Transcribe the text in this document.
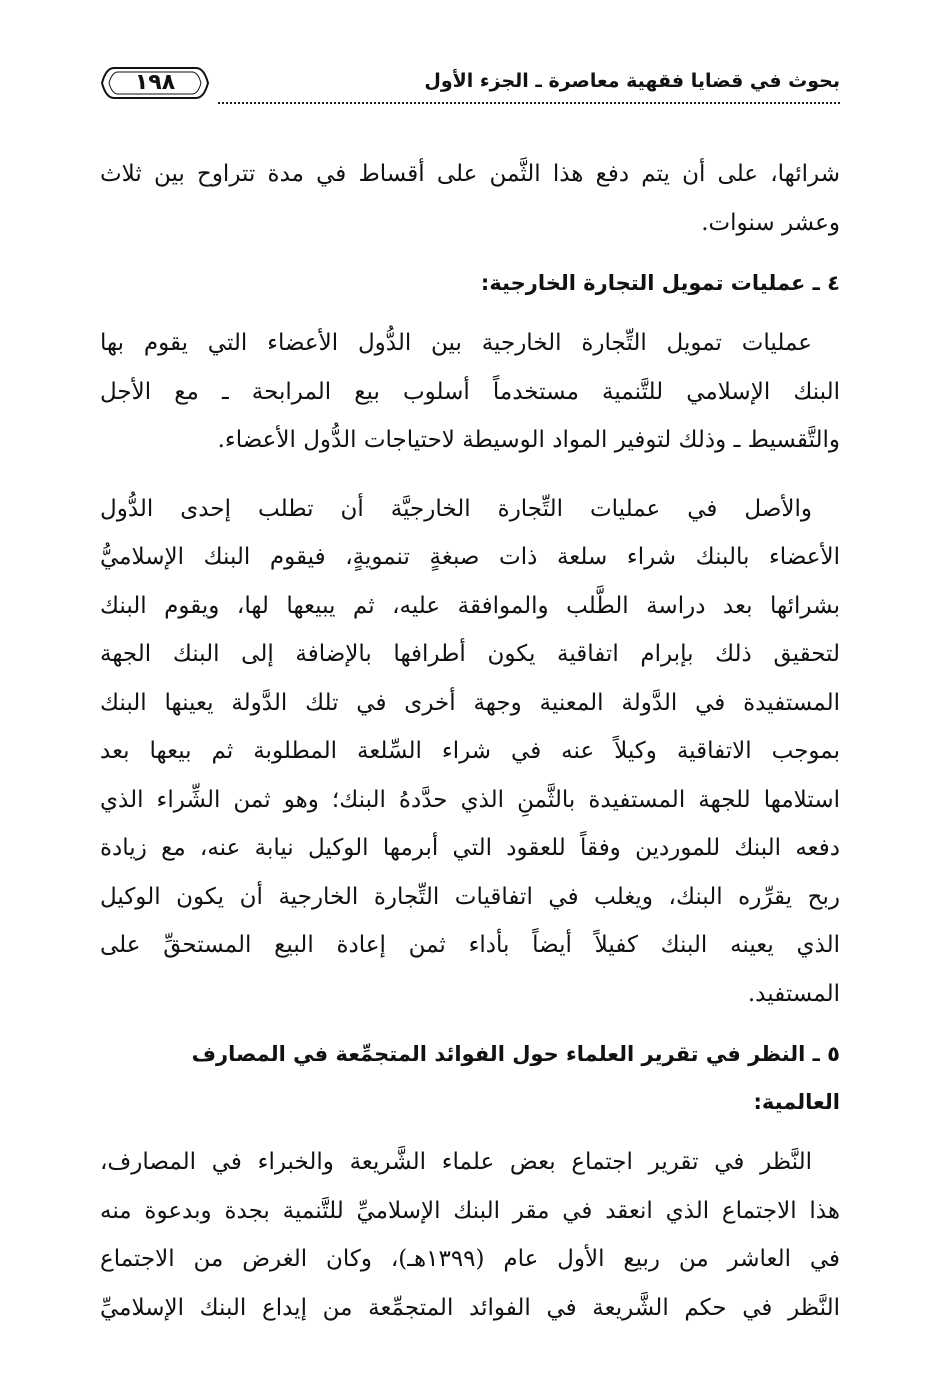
١٩٨	بحوث في قضايا فقهية معاصرة ـ الجزء الأول

شرائها، على أن يتم دفع هذا الثَّمن على أقساط في مدة تتراوح بين ثلاث
وعشر سنوات.

٤ ـ عمليات تمويل التجارة الخارجية:

عمليات تمويل التِّجارة الخارجية بين الدُّول الأعضاء التي يقوم بها
البنك الإسلامي للتَّنمية مستخدماً أسلوب بيع المرابحة ـ مع الأجل
والتَّقسيط ـ وذلك لتوفير المواد الوسيطة لاحتياجات الدُّول الأعضاء.

والأصل في عمليات التِّجارة الخارجيَّة أن تطلب إحدى الدُّول
الأعضاء بالبنك شراء سلعة ذات صبغةٍ تنمويةٍ، فيقوم البنك الإسلاميُّ
بشرائها بعد دراسة الطَّلب والموافقة عليه، ثم يبيعها لها، ويقوم البنك
لتحقيق ذلك بإبرام اتفاقية يكون أطرافها بالإضافة إلى البنك الجهة
المستفيدة في الدَّولة المعنية وجهة أخرى في تلك الدَّولة يعينها البنك
بموجب الاتفاقية وكيلاً عنه في شراء السِّلعة المطلوبة ثم بيعها بعد
استلامها للجهة المستفيدة بالثَّمنِ الذي حدَّدهُ البنك؛ وهو ثمن الشِّراء الذي
دفعه البنك للموردين وفقاً للعقود التي أبرمها الوكيل نيابة عنه، مع زيادة
ربح يقرِّره البنك، ويغلب في اتفاقيات التِّجارة الخارجية أن يكون الوكيل
الذي يعينه البنك كفيلاً أيضاً بأداء ثمن إعادة البيع المستحقِّ على
المستفيد.

٥ ـ النظر في تقرير العلماء حول الفوائد المتجمِّعة في المصارف
العالمية:

النَّظر في تقرير اجتماع بعض علماء الشَّريعة والخبراء في المصارف،
هذا الاجتماع الذي انعقد في مقر البنك الإسلاميِّ للتَّنمية بجدة وبدعوة منه
في العاشر من ربيع الأول عام (١٣٩٩هـ)، وكان الغرض من الاجتماع
النَّظر في حكم الشَّريعة في الفوائد المتجمِّعة من إيداع البنك الإسلاميِّ
